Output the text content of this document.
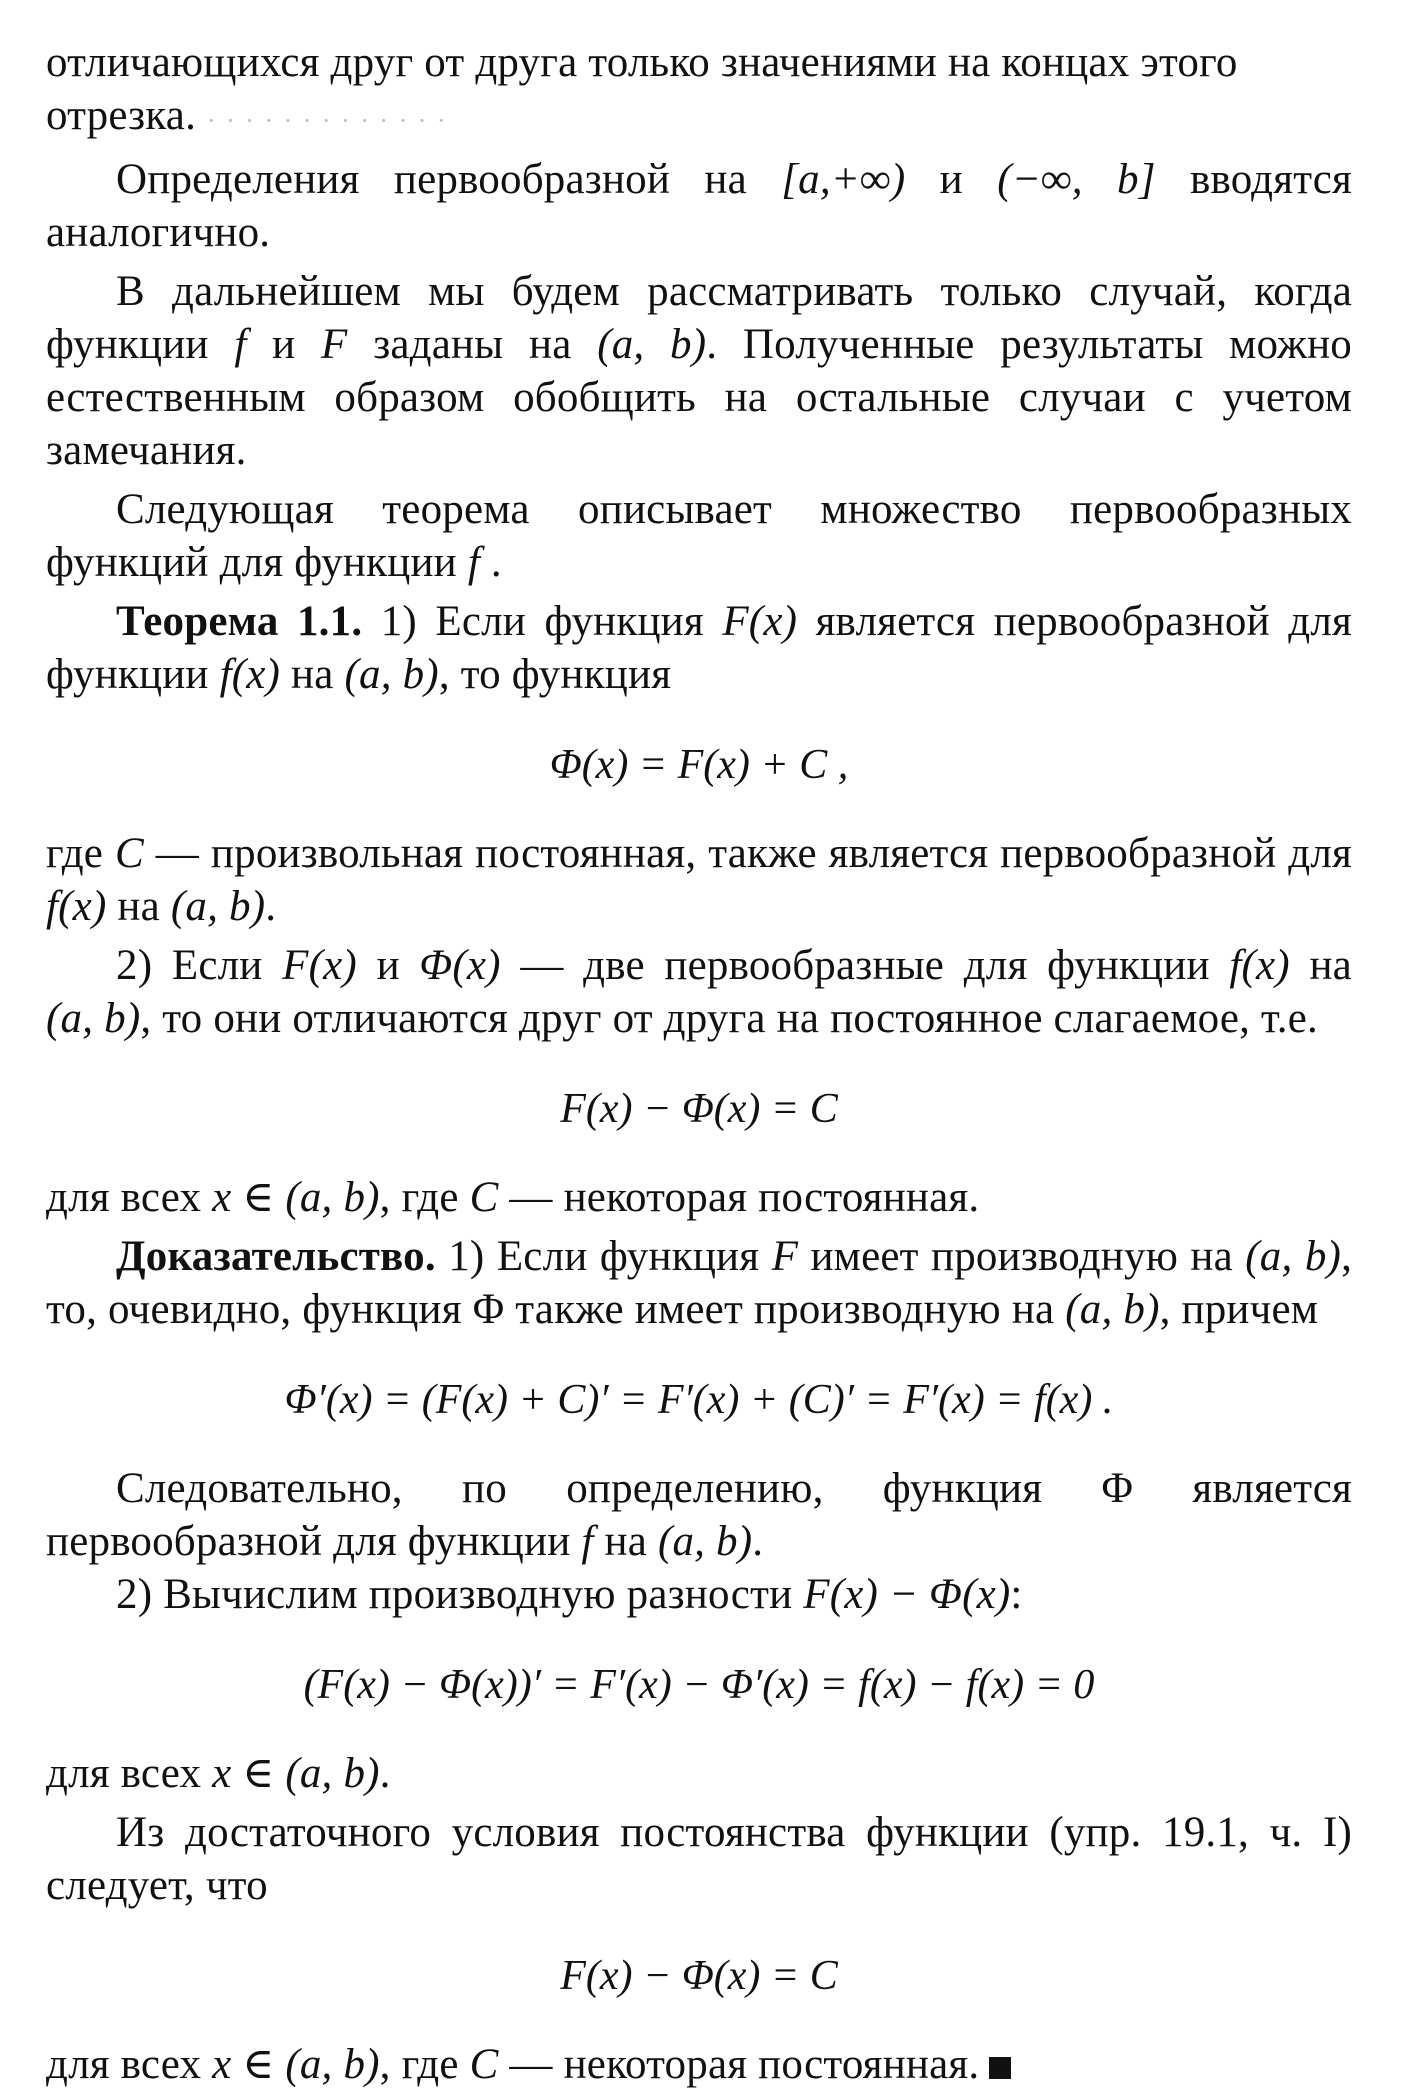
отличающихся друг от друга только значениями на концах этого
отрезка. · · · · · · · · · · · · ·

Определения первообразной на [a,+∞) и (−∞, b] вводятся аналогично.

В дальнейшем мы будем рассматривать только случай, когда функции f и F заданы на (a, b). Полученные результаты можно естественным образом обобщить на остальные случаи с учетом замечания.

Следующая теорема описывает множество первообразных функций для функции f .

Теорема 1.1. 1) Если функция F(x) является первообразной для функции f(x) на (a, b), то функция

Φ(x) = F(x) + C ,

где C — произвольная постоянная, также является первообразной для f(x) на (a, b).

2) Если F(x) и Φ(x) — две первообразные для функции f(x) на (a, b), то они отличаются друг от друга на постоянное слагаемое, т.е.

F(x) − Φ(x) = C

для всех x ∈ (a, b), где C — некоторая постоянная.

Доказательство. 1) Если функция F имеет производную на (a, b), то, очевидно, функция Φ также имеет производную на (a, b), причем

Φ′(x) = (F(x) + C)′ = F′(x) + (C)′ = F′(x) = f(x) .

Следовательно, по определению, функция Φ является первообразной для функции f на (a, b).

2) Вычислим производную разности F(x) − Φ(x):

(F(x) − Φ(x))′ = F′(x) − Φ′(x) = f(x) − f(x) = 0

для всех x ∈ (a, b).

Из достаточного условия постоянства функции (упр. 19.1, ч. I) следует, что

F(x) − Φ(x) = C

для всех x ∈ (a, b), где C — некоторая постоянная.
